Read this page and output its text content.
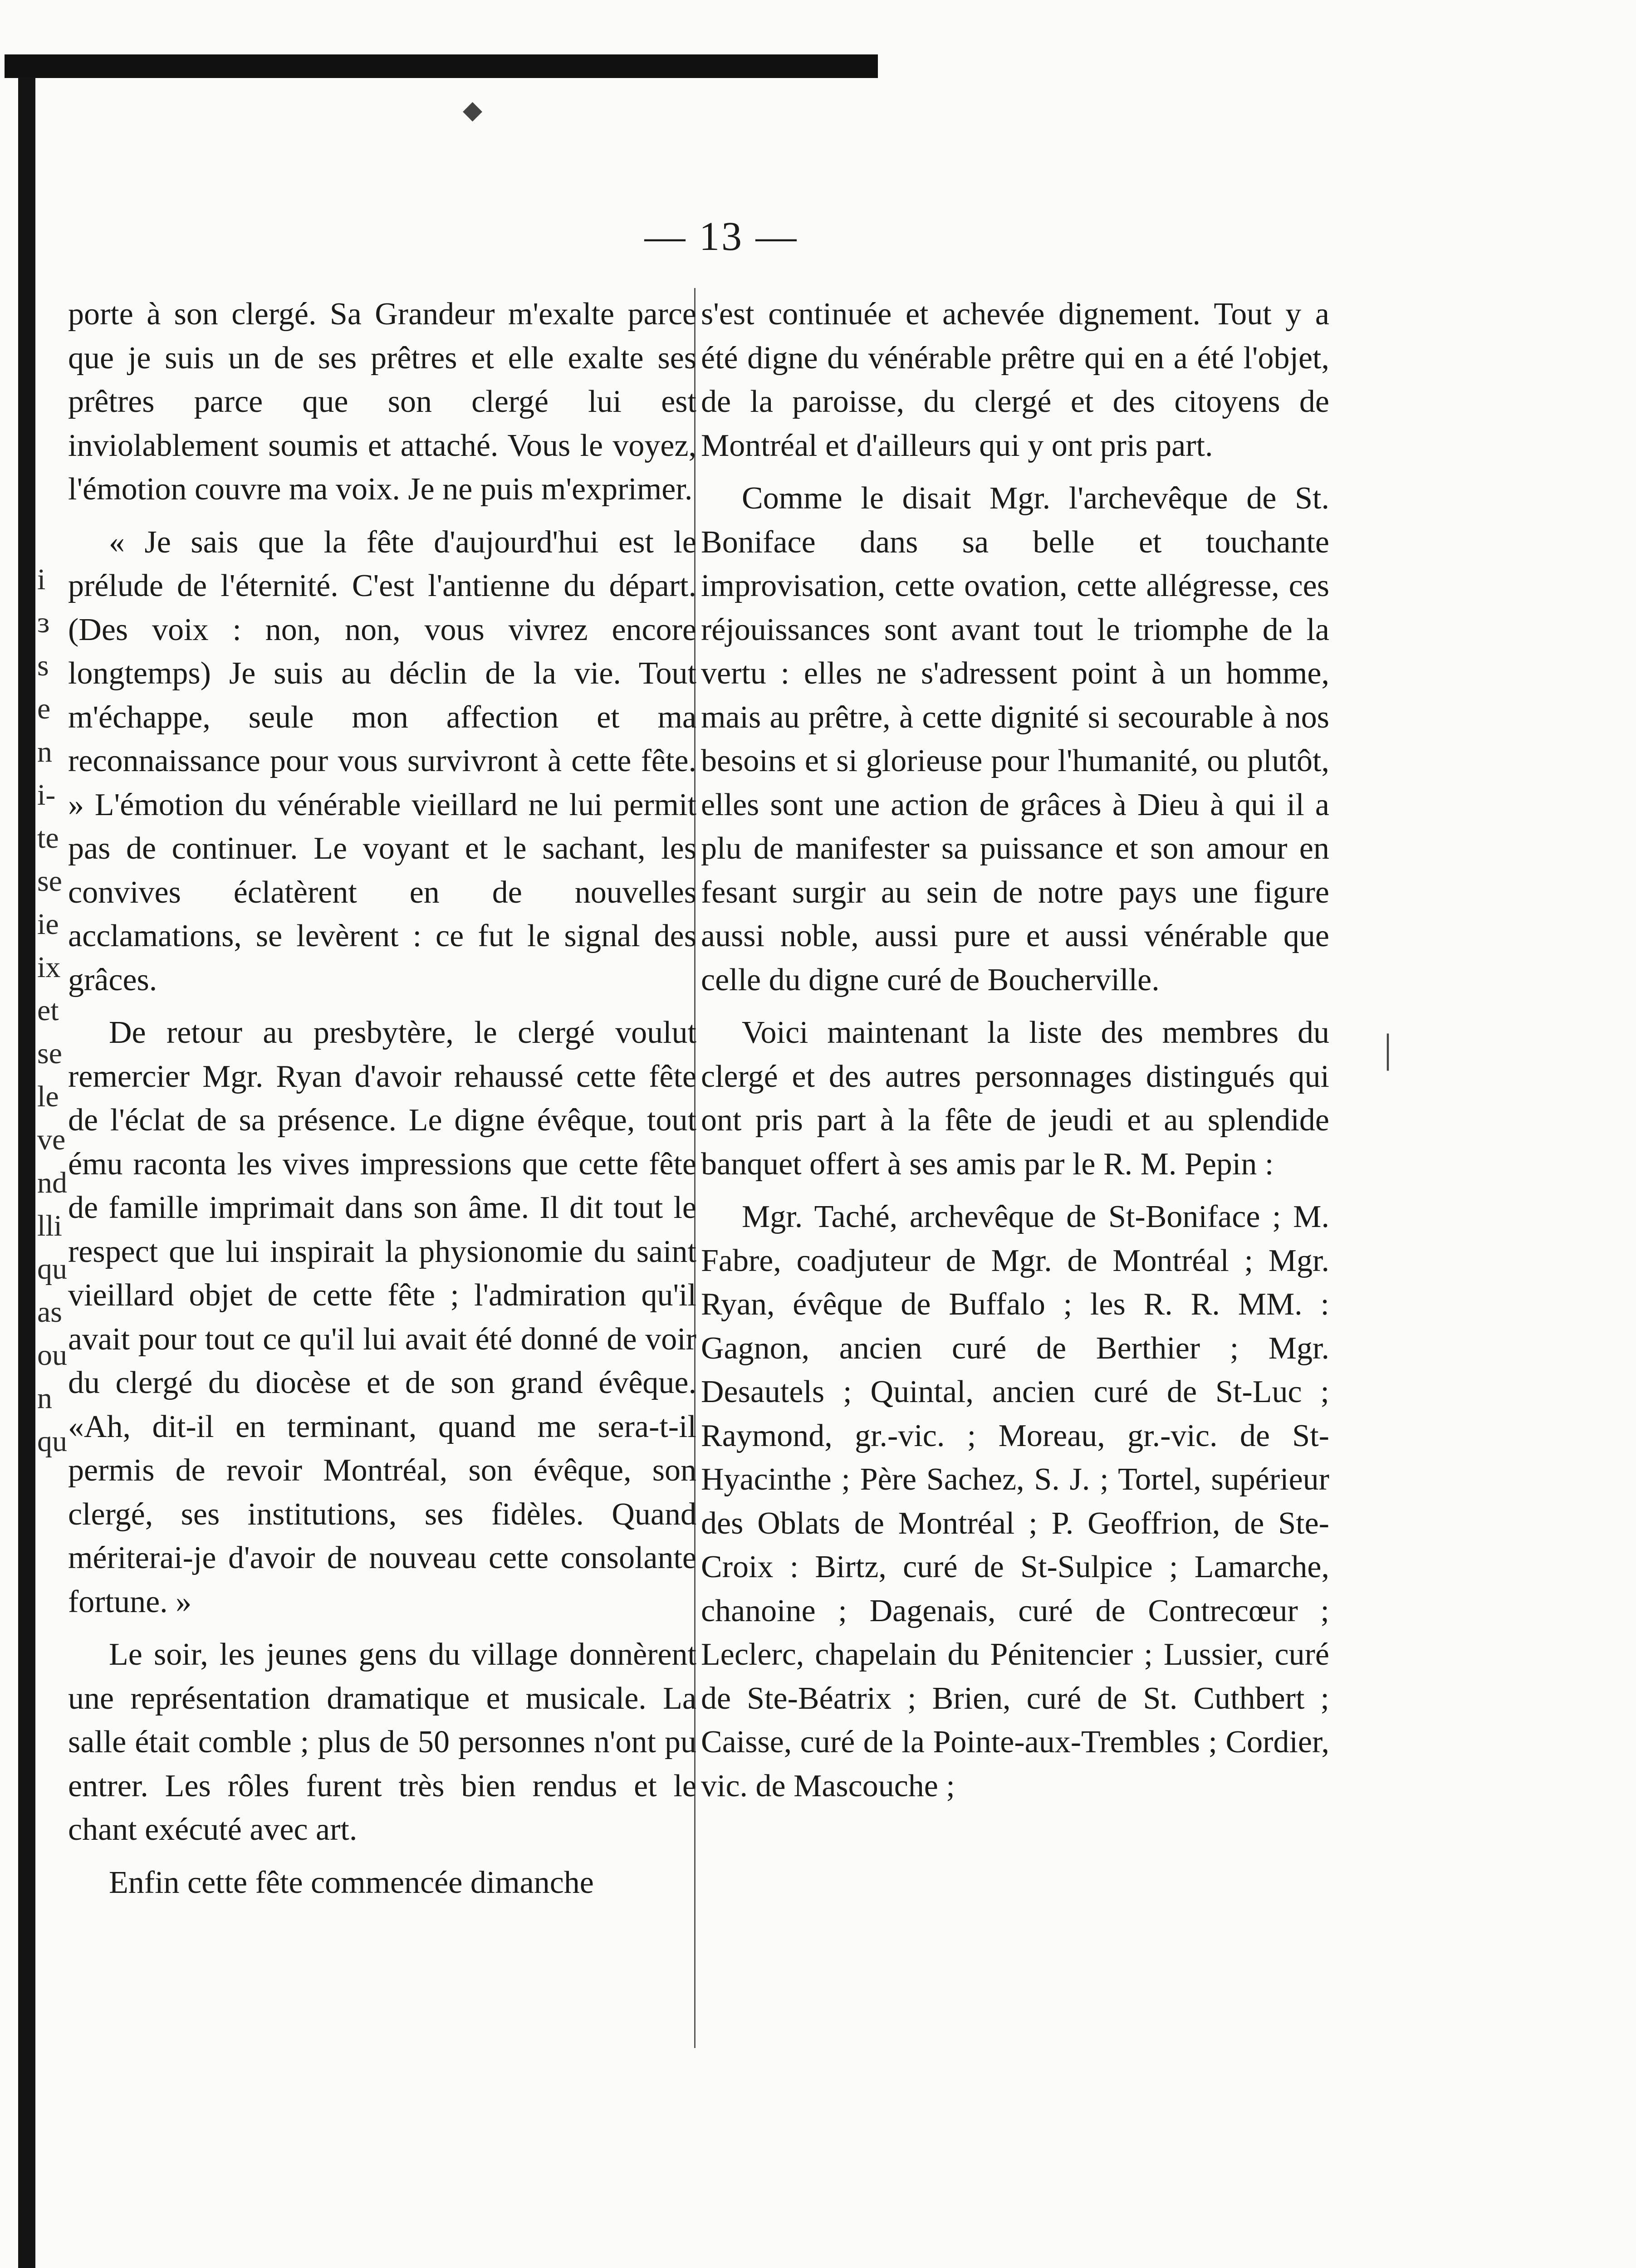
i
ɜ
s
e
n
i-
te
se
ie
ix
et
se
le
ve
nd
lli
qu
as
ou
n
qu
— 13 —

porte à son clergé. Sa Grandeur m'exalte parce que je suis un de ses prêtres et elle exalte ses prêtres parce que son clergé lui est inviolablement soumis et attaché. Vous le voyez, l'émotion couvre ma voix. Je ne puis m'exprimer.

« Je sais que la fête d'aujourd'hui est le prélude de l'éternité. C'est l'antienne du départ. (Des voix : non, non, vous vivrez encore longtemps) Je suis au déclin de la vie. Tout m'échappe, seule mon affection et ma reconnaissance pour vous survivront à cette fête. » L'émotion du vénérable vieillard ne lui permit pas de continuer. Le voyant et le sachant, les convives éclatèrent en de nouvelles acclamations, se levèrent : ce fut le signal des grâces.

De retour au presbytère, le clergé voulut remercier Mgr. Ryan d'avoir rehaussé cette fête de l'éclat de sa présence. Le digne évêque, tout ému raconta les vives impressions que cette fête de famille imprimait dans son âme. Il dit tout le respect que lui inspirait la physionomie du saint vieillard objet de cette fête ; l'admiration qu'il avait pour tout ce qu'il lui avait été donné de voir du clergé du diocèse et de son grand évêque. «Ah, dit-il en terminant, quand me sera-t-il permis de revoir Montréal, son évêque, son clergé, ses institutions, ses fidèles. Quand mériterai-je d'avoir de nouveau cette consolante fortune. »

Le soir, les jeunes gens du village donnèrent une représentation dramatique et musicale. La salle était comble ; plus de 50 personnes n'ont pu entrer. Les rôles furent très bien rendus et le chant exécuté avec art.

Enfin cette fête commencée dimanche

s'est continuée et achevée dignement. Tout y a été digne du vénérable prêtre qui en a été l'objet, de la paroisse, du clergé et des citoyens de Montréal et d'ailleurs qui y ont pris part.

Comme le disait Mgr. l'archevêque de St. Boniface dans sa belle et touchante improvisation, cette ovation, cette allégresse, ces réjouissances sont avant tout le triomphe de la vertu : elles ne s'adressent point à un homme, mais au prêtre, à cette dignité si secourable à nos besoins et si glorieuse pour l'humanité, ou plutôt, elles sont une action de grâces à Dieu à qui il a plu de manifester sa puissance et son amour en fesant surgir au sein de notre pays une figure aussi noble, aussi pure et aussi vénérable que celle du digne curé de Boucherville.

Voici maintenant la liste des membres du clergé et des autres personnages distingués qui ont pris part à la fête de jeudi et au splendide banquet offert à ses amis par le R. M. Pepin :

Mgr. Taché, archevêque de St-Boniface ; M. Fabre, coadjuteur de Mgr. de Montréal ; Mgr. Ryan, évêque de Buffalo ; les R. R. MM. : Gagnon, ancien curé de Berthier ; Mgr. Desautels ; Quintal, ancien curé de St-Luc ; Raymond, gr.-vic. ; Moreau, gr.-vic. de St-Hyacinthe ; Père Sachez, S. J. ; Tortel, supérieur des Oblats de Montréal ; P. Geoffrion, de Ste-Croix : Birtz, curé de St-Sulpice ; Lamarche, chanoine ; Dagenais, curé de Contrecœur ; Leclerc, chapelain du Pénitencier ; Lussier, curé de Ste-Béatrix ; Brien, curé de St. Cuthbert ; Caisse, curé de la Pointe-aux-Trembles ; Cordier, vic. de Mascouche ;

◆
|
